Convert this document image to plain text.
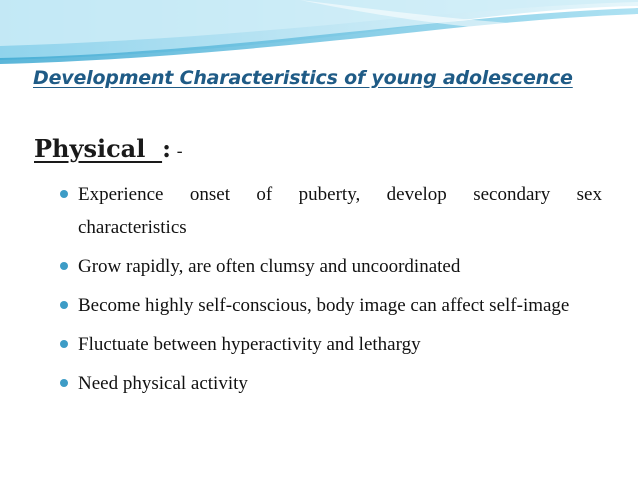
Development Characteristics of young adolescence
Physical  : -
Experience onset of puberty, develop secondary sex characteristics
Grow rapidly, are often clumsy and uncoordinated
Become highly self-conscious, body image can affect self-image
Fluctuate between hyperactivity and lethargy
Need physical activity
